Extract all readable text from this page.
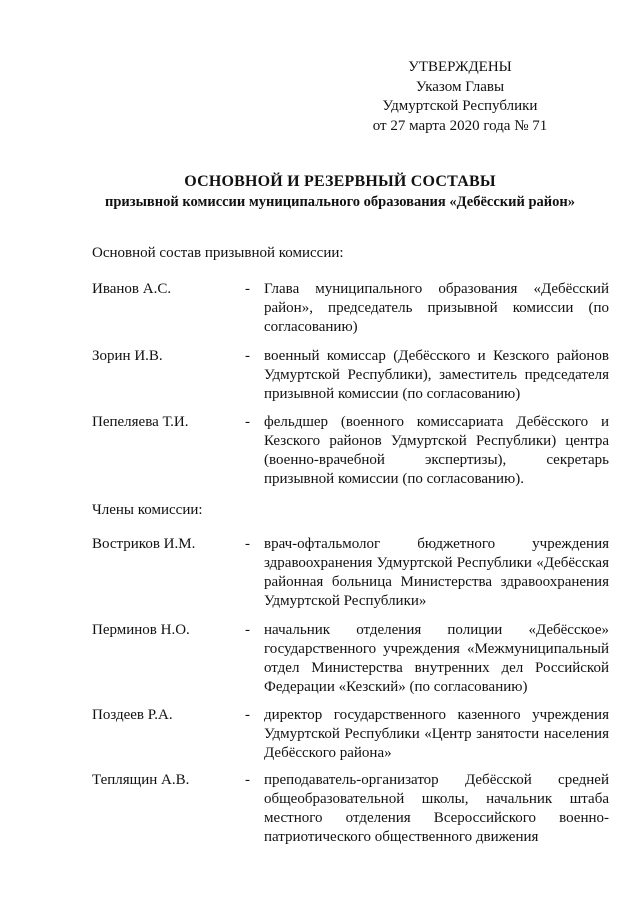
УТВЕРЖДЕНЫ
Указом Главы
Удмуртской Республики
от 27 марта 2020 года № 71
ОСНОВНОЙ И РЕЗЕРВНЫЙ СОСТАВЫ
призывной комиссии муниципального образования «Дебёсский район»
Основной состав призывной комиссии:
Иванов А.С.	- Глава муниципального образования «Дебёсский район», председатель призывной комиссии (по согласованию)
Зорин И.В.	- военный комиссар (Дебёсского и Кезского районов Удмуртской Республики), заместитель председателя призывной комиссии (по согласованию)
Пепеляева Т.И.	- фельдшер (военного комиссариата Дебёсского и Кезского районов Удмуртской Республики) центра (военно-врачебной экспертизы), секретарь призывной комиссии (по согласованию).
Члены комиссии:
Востриков И.М.	- врач-офтальмолог бюджетного учреждения здравоохранения Удмуртской Республики «Дебёсская районная больница Министерства здравоохранения Удмуртской Республики»
Перминов Н.О.	- начальник отделения полиции «Дебёсское» государственного учреждения «Межмуниципальный отдел Министерства внутренних дел Российской Федерации «Кезский» (по согласованию)
Поздеев Р.А.	- директор государственного казенного учреждения Удмуртской Республики «Центр занятости населения Дебёсского района»
Теплящин А.В.	- преподаватель-организатор Дебёсской средней общеобразовательной школы, начальник штаба местного отделения Всероссийского военно-патриотического общественного движения
